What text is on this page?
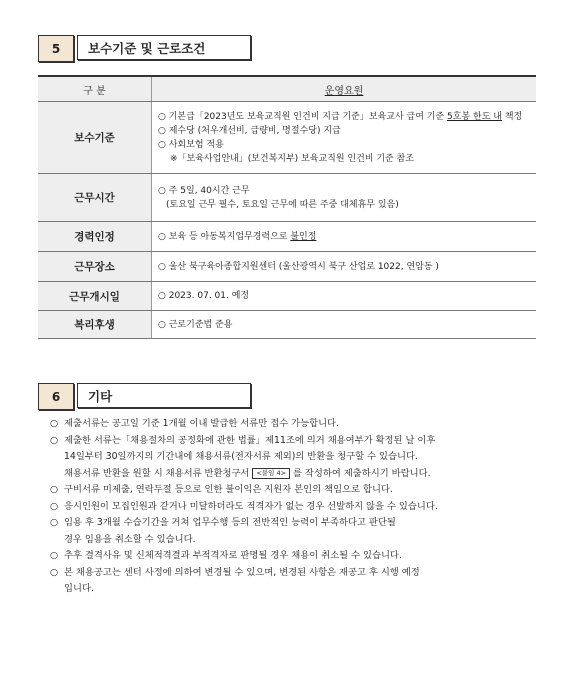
5	보수기준 및 근로조건
구 분	운영요원
보수기준	○ 기본급「2023년도 보육교직원 인건비 지급 기준」보육교사 급여 기준 5호봉 한도 내 책정
○ 제수당 (처우개선비, 급량비, 명절수당) 지급
○ 사회보험 적용
※「보육사업안내」(보건복지부) 보육교직원 인건비 기준 참조

근무시간	○ 주 5일, 40시간 근무
(토요일 근무 필수, 토요일 근무에 따른 주중 대체휴무 있음)

경력인정	○ 보육 등 아동복지업무경력으로 불인정
근무장소	○ 울산 북구육아종합지원센터 (울산광역시 북구 산업로 1022, 연암동 )
근무개시일	○ 2023. 07. 01. 예정
복리후생	○ 근로기준법 준용
6	기타
○ 제출서류는 공고일 기준 1개월 이내 발급한 서류만 접수 가능합니다.
○ 제출한 서류는「채용절차의 공정화에 관한 법률」제11조에 의거 채용여부가 확정된 날 이후
14일부터 30일까지의 기간내에 채용서류(전자서류 제외)의 반환을 청구할 수 있습니다.
채용서류 반환을 원할 시 채용서류 반환청구서 <붙임 4> 를 작성하여 제출하시기 바랍니다.
○ 구비서류 미제출, 연락두절 등으로 인한 불이익은 지원자 본인의 책임으로 합니다.
○ 응시인원이 모집인원과 같거나 미달하더라도 적격자가 없는 경우 선발하지 않을 수 있습니다.
○ 임용 후 3개월 수습기간을 거쳐 업무수행 등의 전반적인 능력이 부족하다고 판단될
경우 임용을 취소할 수 있습니다.
○ 추후 결격사유 및 신체적격결과 부적격자로 판명될 경우 채용이 취소될 수 있습니다.
○ 본 채용공고는 센터 사정에 의하여 변경될 수 있으며, 변경된 사항은 재공고 후 시행 예정
입니다.
